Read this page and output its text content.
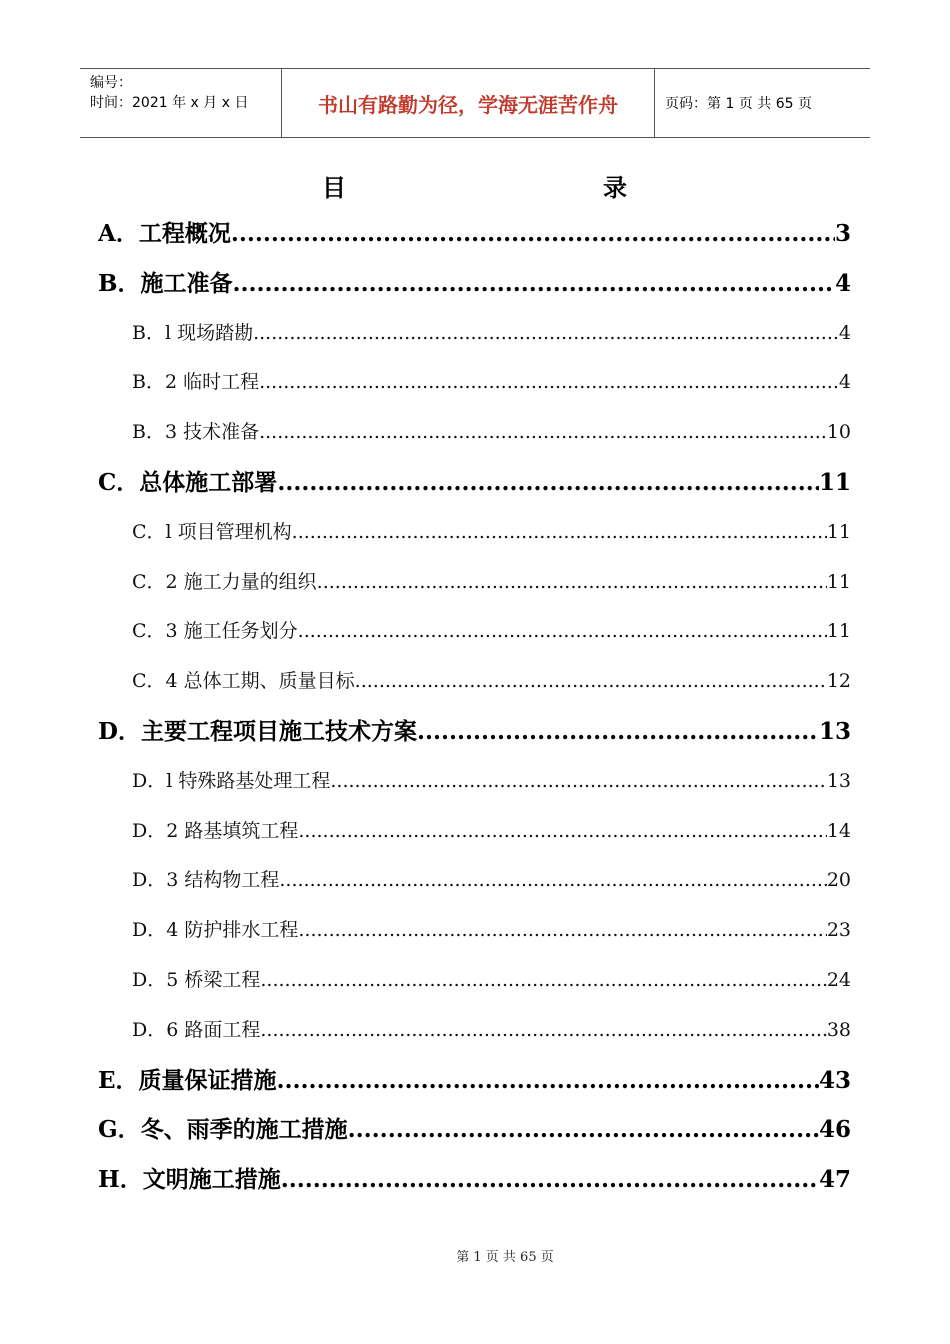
编号：
时间：2021 年 x 月 x 日	书山有路勤为径，学海无涯苦作舟	页码：第 1 页 共 65 页
目	录
A．工程概况 .....	3
B．施工准备 .....	4
B．l 现场踏勘 .....	4
B．2 临时工程 .....	4
B．3 技术准备 .....	10
C．总体施工部署 .....	11
C．l 项目管理机构 .....	11
C．2 施工力量的组织 .....	11
C．3 施工任务划分 .....	11
C．4 总体工期、质量目标 .....	12
D．主要工程项目施工技术方案 .....	13
D．l 特殊路基处理工程 .....	13
D．2 路基填筑工程 .....	14
D．3 结构物工程 .....	20
D．4 防护排水工程 .....	23
D．5 桥梁工程 .....	24
D．6 路面工程 .....	38
E．质量保证措施 .....	43
G．冬、雨季的施工措施 .....	46
H．文明施工措施 .....	47
第 1 页 共 65 页
